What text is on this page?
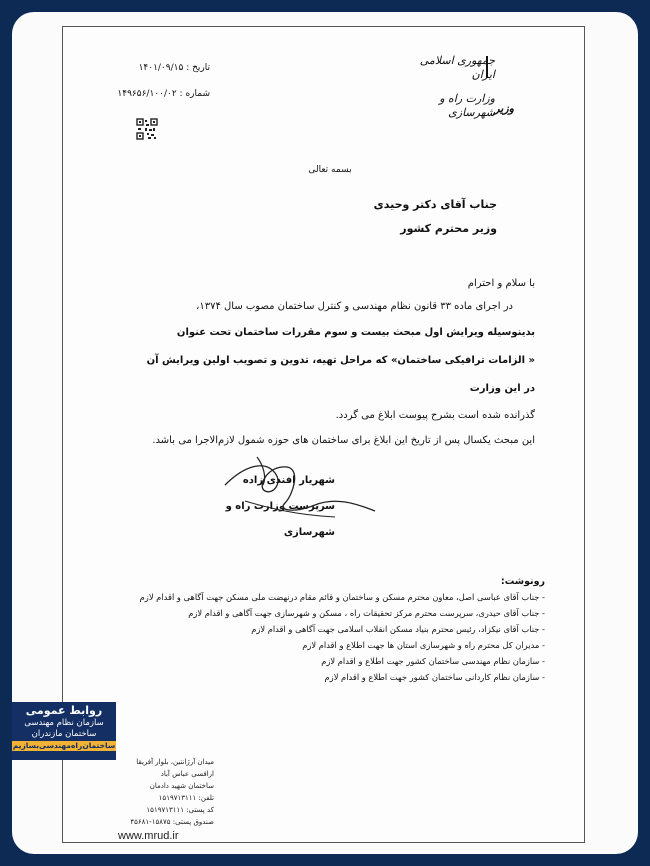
جمهوری اسلامی ایران
وزارت راه و شهرسازی وزیر
تاریخ : ۱۴۰۱/۰۹/۱۵
شماره : ۱۴۹۶۵۶/۱۰۰/۰۲
بسمه تعالی
جناب آقای دکتر وحیدی
وزیر محترم کشور

با سلام و احترام

در اجرای ماده ۳۳ قانون نظام مهندسی و کنترل ساختمان مصوب سال ۱۳۷۴،

بدینوسیله ویرایش اول مبحث بیست و سوم مقررات ساختمان تحت عنوان

« الزامات ترافیکی ساختمان» که مراحل تهیه، تدوین و تصویب اولین ویرایش آن در این وزارت

گذرانده شده است بشرح پیوست ابلاغ می گردد.

این مبحث یکسال پس از تاریخ این ابلاغ برای ساختمان های حوزه شمول لازم‌الاجرا می باشد.

شهریار افندی زاده
سرپرست وزارت راه و شهرسازی
رونوشت:
- جناب آقای عباسی اصل، معاون محترم مسکن و ساختمان و قائم مقام درنهضت ملی مسکن جهت آگاهی و اقدام لازم
- جناب آقای حیدری، سرپرست محترم مرکز تحقیقات راه ، مسکن و شهرسازی جهت آگاهی و اقدام لازم
- جناب آقای نیکزاد، رئیس محترم بنیاد مسکن انقلاب اسلامی جهت آگاهی و اقدام لازم
- مدیران کل محترم راه و شهرسازی استان ها جهت اطلاع و اقدام لازم
- سازمان نظام مهندسی ساختمان کشور جهت اطلاع و اقدام لازم
- سازمان نظام کاردانی ساختمان کشور جهت اطلاع و اقدام لازم
روابط عمومی
سازمان نظام مهندسی
ساختمان مازندران
ساختمان‌راه‌مهندسی‌بسازیم
میدان آرژانتین، بلوار آفریقا
ارافسی عباس آباد
ساختمان شهید دادمان
تلفن: ۱۵۱۹۷۱۳۱۱۱
کد پستی: ۱۵۱۹۷۱۳۱۱۱
صندوق پستی: ۱۵۸۷۵-۴۵۶۸۱
www.mrud.ir
